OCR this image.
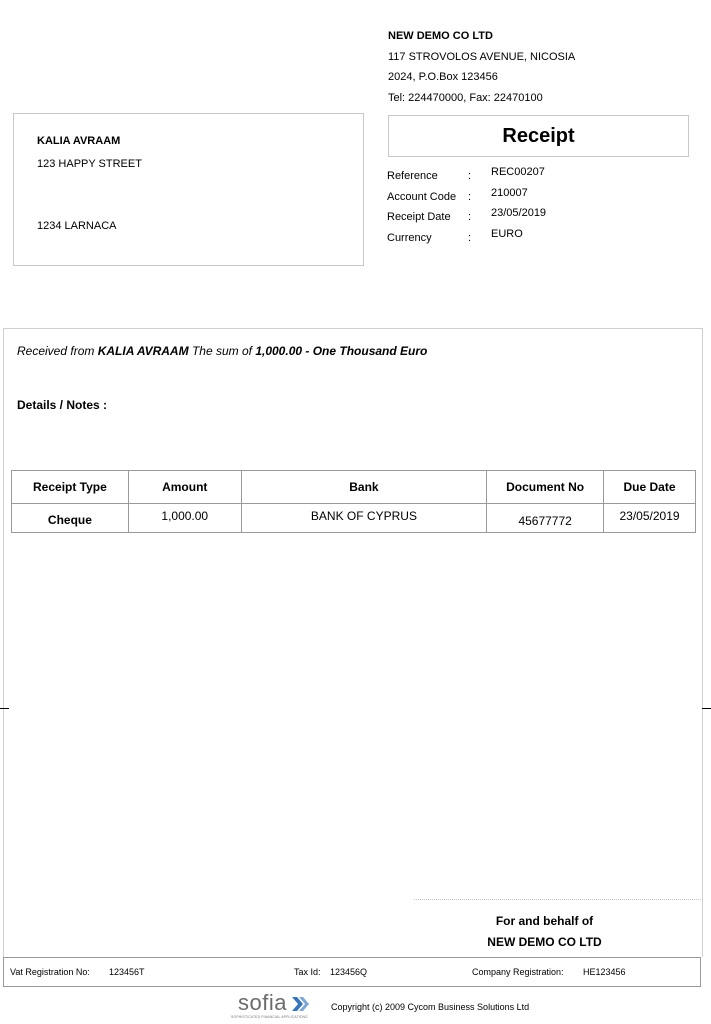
NEW DEMO CO LTD
117 STROVOLOS AVENUE, NICOSIA
2024, P.O.Box 123456
Tel: 224470000, Fax: 22470100
KALIA AVRAAM
123 HAPPY STREET
1234 LARNACA
Receipt
Reference	: REC00207
Account Code : 210007
Receipt Date : 23/05/2019
Currency	: EURO
Received from KALIA AVRAAM The sum of 1,000.00 - One Thousand Euro
Details / Notes :
Receipt Type	Amount	Bank	Document No	Due Date
Cheque	1,000.00	BANK OF CYPRUS	45677772	23/05/2019
For and behalf of
NEW DEMO CO LTD
Vat Registration No: 123456T	Tax Id: 123456Q	Company Registration: HE123456
sofia
SOPHISTICATED FINANCIAL APPLICATIONS
Copyright (c) 2009 Cycom Business Solutions Ltd
